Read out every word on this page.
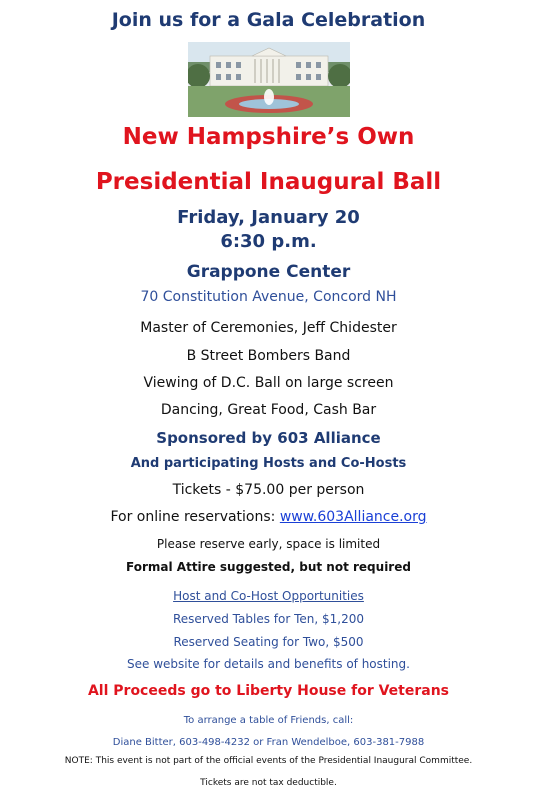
Join us for a Gala Celebration
New Hampshire’s Own
Presidential Inaugural Ball
Friday, January 20
6:30 p.m.
Grappone Center
70 Constitution Avenue, Concord NH
Master of Ceremonies, Jeff Chidester
B Street Bombers Band
Viewing of D.C. Ball on large screen
Dancing, Great Food, Cash Bar
Sponsored by 603 Alliance
And participating Hosts and Co-Hosts
Tickets - $75.00 per person
For online reservations: www.603Alliance.org
Please reserve early, space is limited
Formal Attire suggested, but not required
Host and Co-Host Opportunities
Reserved Tables for Ten, $1,200
Reserved Seating for Two, $500
See website for details and benefits of hosting.
All Proceeds go to Liberty House for Veterans
To arrange a table of Friends, call:
Diane Bitter, 603-498-4232 or Fran Wendelboe, 603-381-7988
NOTE: This event is not part of the official events of the Presidential Inaugural Committee.
Tickets are not tax deductible.
